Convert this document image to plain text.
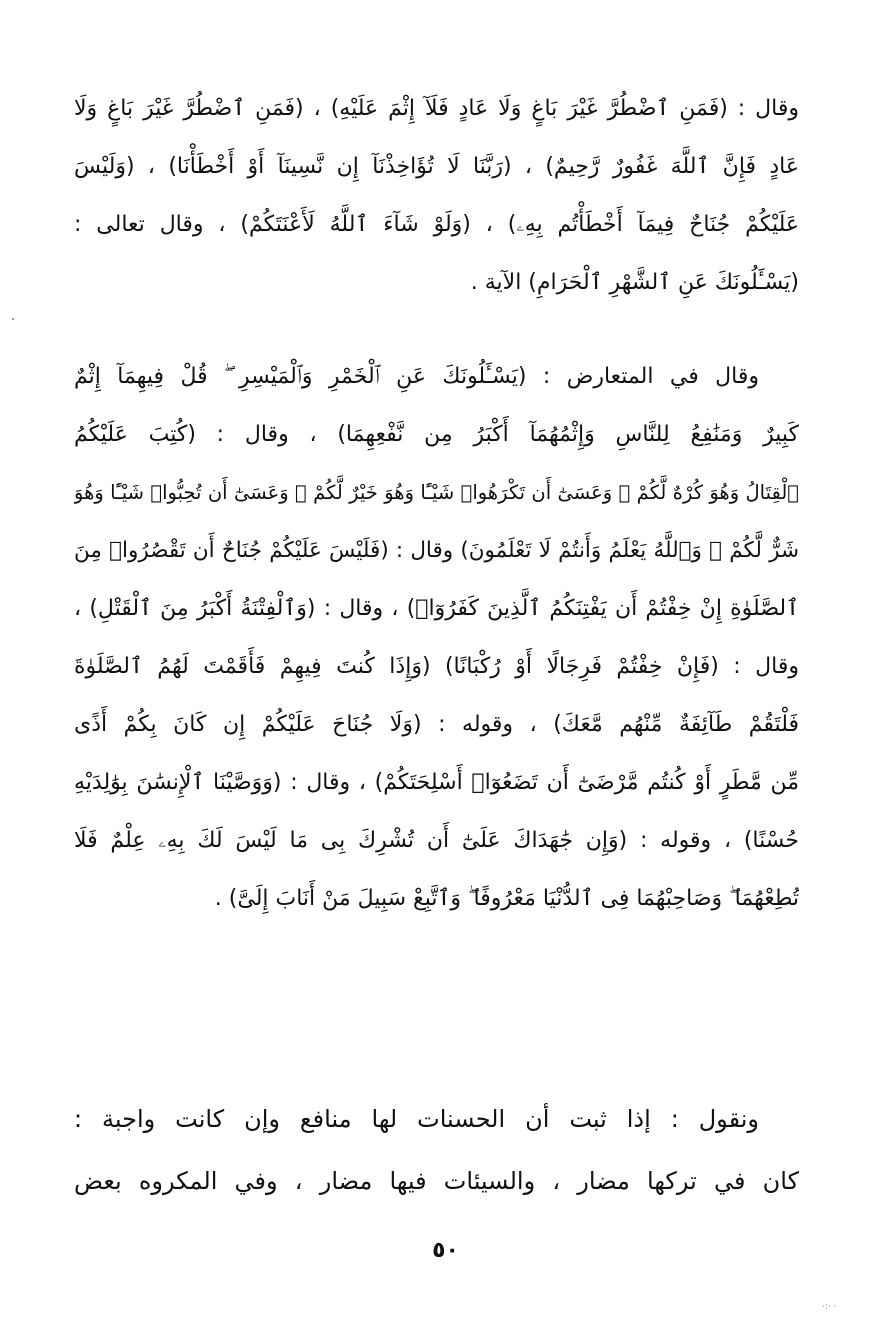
وقال : (فَمَنِ ٱضْطُرَّ غَيْرَ بَاغٍ وَلَا عَادٍ فَلَآ إِثْمَ عَلَيْهِ) ، (فَمَنِ ٱضْطُرَّ غَيْرَ بَاغٍ وَلَا
عَادٍ فَإِنَّ ٱللَّهَ غَفُورٌ رَّحِيمٌ) ، (رَبَّنَا لَا تُؤَاخِذْنَآ إِن نَّسِينَآ أَوْ أَخْطَأْنَا) ، (وَلَيْسَ
عَلَيْكُمْ جُنَاحٌ فِيمَآ أَخْطَأْتُم بِهِۦ) ، (وَلَوْ شَآءَ ٱللَّهُ لَأَعْنَتَكُمْ) ، وقال تعالى :
(يَسْـَٔلُونَكَ عَنِ ٱلشَّهْرِ ٱلْحَرَامِ) الآية .
وقال في المتعارض : (يَسْـَٔلُونَكَ عَنِ ٱلْخَمْرِ وَٱلْمَيْسِرِ ۖ قُلْ فِيهِمَآ إِثْمٌ
كَبِيرٌ وَمَنَٰفِعُ لِلنَّاسِ وَإِثْمُهُمَآ أَكْبَرُ مِن نَّفْعِهِمَا) ، وقال : (كُتِبَ عَلَيْكُمُ
ٱلْقِتَالُ وَهُوَ كُرْهٌ لَّكُمْ ۖ وَعَسَىٰٓ أَن تَكْرَهُوا۟ شَيْـًٔا وَهُوَ خَيْرٌ لَّكُمْ ۖ وَعَسَىٰٓ أَن تُحِبُّوا۟ شَيْـًٔا وَهُوَ
شَرٌّ لَّكُمْ ۗ وَٱللَّهُ يَعْلَمُ وَأَنتُمْ لَا تَعْلَمُونَ) وقال : (فَلَيْسَ عَلَيْكُمْ جُنَاحٌ أَن تَقْصُرُوا۟ مِنَ
ٱلصَّلَوٰةِ إِنْ خِفْتُمْ أَن يَفْتِنَكُمُ ٱلَّذِينَ كَفَرُوٓا۟) ، وقال : (وَٱلْفِتْنَةُ أَكْبَرُ مِنَ ٱلْقَتْلِ) ،
وقال : (فَإِنْ خِفْتُمْ فَرِجَالًا أَوْ رُكْبَانًا) (وَإِذَا كُنتَ فِيهِمْ فَأَقَمْتَ لَهُمُ ٱلصَّلَوٰةَ
فَلْتَقُمْ طَآئِفَةٌ مِّنْهُم مَّعَكَ) ، وقوله : (وَلَا جُنَاحَ عَلَيْكُمْ إِن كَانَ بِكُمْ أَذًى
مِّن مَّطَرٍ أَوْ كُنتُم مَّرْضَىٰٓ أَن تَضَعُوٓا۟ أَسْلِحَتَكُمْ) ، وقال : (وَوَصَّيْنَا ٱلْإِنسَٰنَ بِوَٰلِدَيْهِ
حُسْنًا) ، وقوله : (وَإِن جَٰهَدَاكَ عَلَىٰٓ أَن تُشْرِكَ بِى مَا لَيْسَ لَكَ بِهِۦ عِلْمٌ فَلَا
تُطِعْهُمَا ۖ وَصَاحِبْهُمَا فِى ٱلدُّنْيَا مَعْرُوفًا ۖ وَٱتَّبِعْ سَبِيلَ مَنْ أَنَابَ إِلَىَّ) .
ونقول : إذا ثبت أن الحسنات لها منافع وإن كانت واجبة :
كان في تركها مضار ، والسيئات فيها مضار ، وفي المكروه بعض
٥٠
· ·:·
